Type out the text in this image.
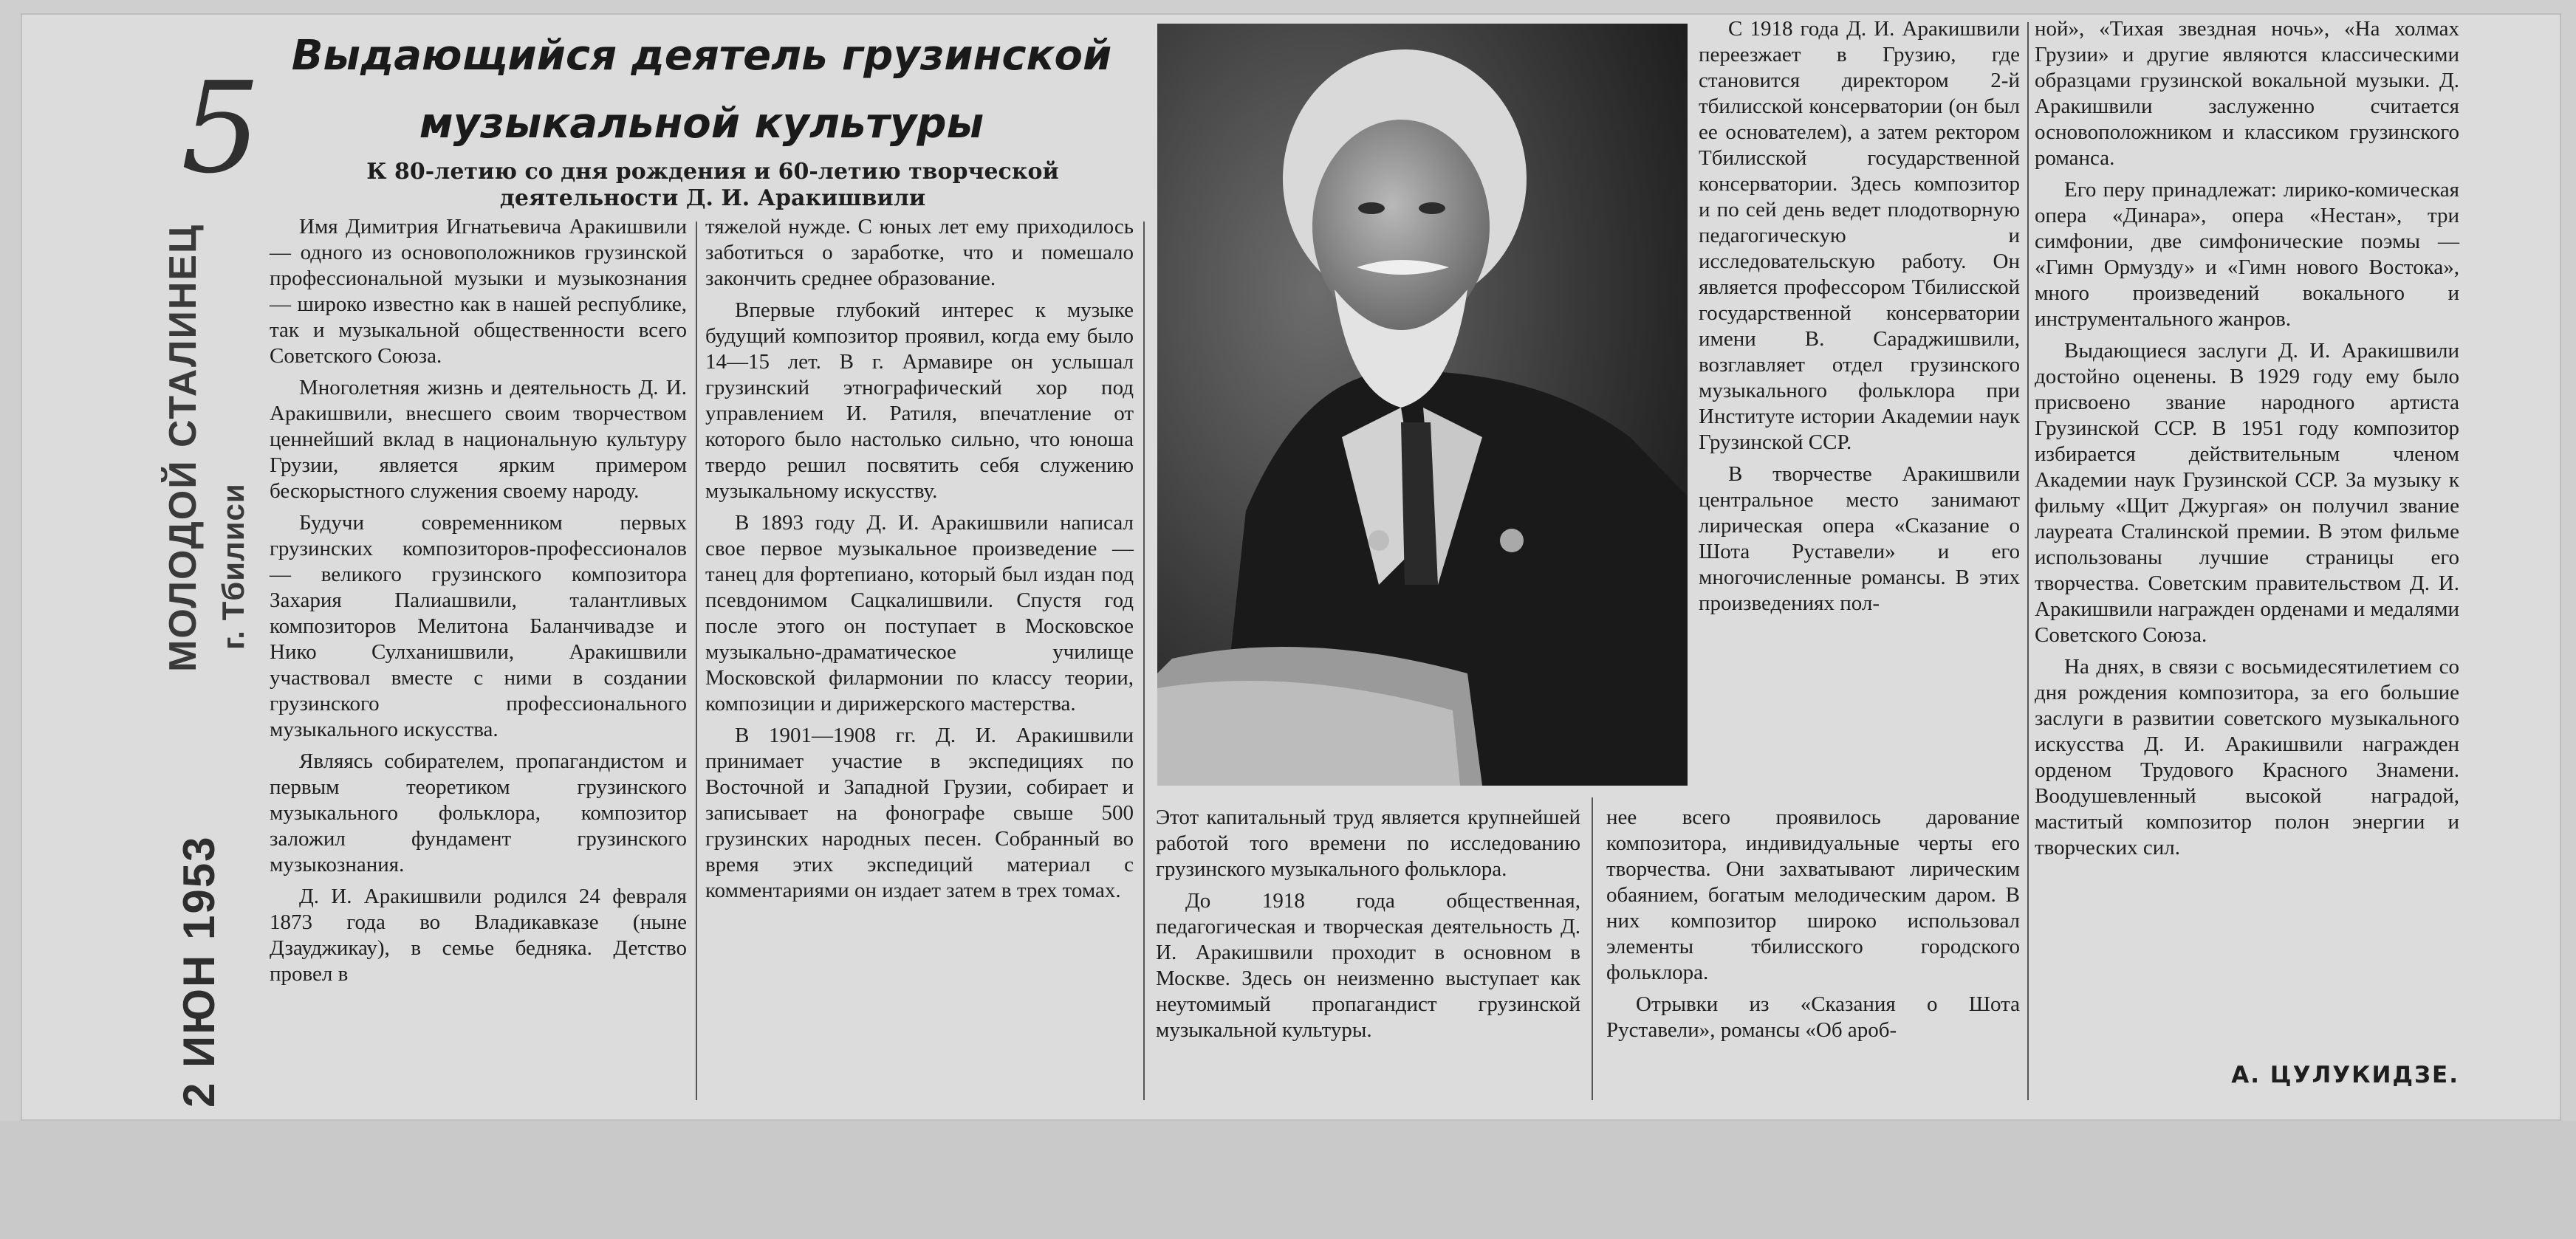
5
МОЛОДОЙ СТАЛИНЕЦ г. Тбилиси
2 ИЮН 1953
Выдающийся деятель грузинской музыкальной культуры
К 80-летию со дня рождения и 60-летию творческой деятельности Д. И. Аракишвили

Имя Димитрия Игнатьевича Аракишвили — одного из основоположников грузинской профессиональной музыки и музыкознания — широко известно как в нашей республике, так и музыкальной общественности всего Советского Союза.

Многолетняя жизнь и деятельность Д. И. Аракишвили, внесшего своим творчеством ценнейший вклад в национальную культуру Грузии, является ярким примером бескорыстного служения своему народу.

Будучи современником первых грузинских композиторов-профессионалов — великого грузинского композитора Захария Палиашвили, талантливых композиторов Мелитона Баланчивадзе и Нико Сулханишвили, Аракишвили участвовал вместе с ними в создании грузинского профессионального музыкального искусства.

Являясь собирателем, пропагандистом и первым теоретиком грузинского музыкального фольклора, композитор заложил фундамент грузинского музыкознания.

Д. И. Аракишвили родился 24 февраля 1873 года во Владикавказе (ныне Дзауджикау), в семье бедняка. Детство провел в

тяжелой нужде. С юных лет ему приходилось заботиться о заработке, что и помешало закончить среднее образование.

Впервые глубокий интерес к музыке будущий композитор проявил, когда ему было 14—15 лет. В г. Армавире он услышал грузинский этнографический хор под управлением И. Ратиля, впечатление от которого было настолько сильно, что юноша твердо решил посвятить себя служению музыкальному искусству.

В 1893 году Д. И. Аракишвили написал свое первое музыкальное произведение — танец для фортепиано, который был издан под псевдонимом Сацкалишвили. Спустя год после этого он поступает в Московское музыкально-драматическое училище Московской филармонии по классу теории, композиции и дирижерского мастерства.

В 1901—1908 гг. Д. И. Аракишвили принимает участие в экспедициях по Восточной и Западной Грузии, собирает и записывает на фонографе свыше 500 грузинских народных песен. Собранный во время этих экспедиций материал с комментариями он издает затем в трех томах.

Этот капитальный труд является крупнейшей работой того времени по исследованию грузинского музыкального фольклора.

До 1918 года общественная, педагогическая и творческая деятельность Д. И. Аракишвили проходит в основном в Москве. Здесь он неизменно выступает как неутомимый пропагандист грузинской музыкальной культуры.

С 1918 года Д. И. Аракишвили переезжает в Грузию, где становится директором 2-й тбилисской консерватории (он был ее основателем), а затем ректором Тбилисской государственной консерватории. Здесь композитор и по сей день ведет плодотворную педагогическую и исследовательскую работу. Он является профессором Тбилисской государственной консерватории имени В. Сараджишвили, возглавляет отдел грузинского музыкального фольклора при Институте истории Академии наук Грузинской ССР.

В творчестве Аракишвили центральное место занимают лирическая опера «Сказание о Шота Руставели» и его многочисленные романсы. В этих произведениях пол-

нее всего проявилось дарование композитора, индивидуальные черты его творчества. Они захватывают лирическим обаянием, богатым мелодическим даром. В них композитор широко использовал элементы тбилисского городского фольклора.

Отрывки из «Сказания о Шота Руставели», романсы «Об ароб-

ной», «Тихая звездная ночь», «На холмах Грузии» и другие являются классическими образцами грузинской вокальной музыки. Д. Аракишвили заслуженно считается основоположником и классиком грузинского романса.

Его перу принадлежат: лирико-комическая опера «Динара», опера «Нестан», три симфонии, две симфонические поэмы — «Гимн Ормузду» и «Гимн нового Востока», много произведений вокального и инструментального жанров.

Выдающиеся заслуги Д. И. Аракишвили достойно оценены. В 1929 году ему было присвоено звание народного артиста Грузинской ССР. В 1951 году композитор избирается действительным членом Академии наук Грузинской ССР. За музыку к фильму «Щит Джургая» он получил звание лауреата Сталинской премии. В этом фильме использованы лучшие страницы его творчества. Советским правительством Д. И. Аракишвили награжден орденами и медалями Советского Союза.

На днях, в связи с восьмидесятилетием со дня рождения композитора, за его большие заслуги в развитии советского музыкального искусства Д. И. Аракишвили награжден орденом Трудового Красного Знамени. Воодушевленный высокой наградой, маститый композитор полон энергии и творческих сил.

А. ЦУЛУКИДЗЕ.
